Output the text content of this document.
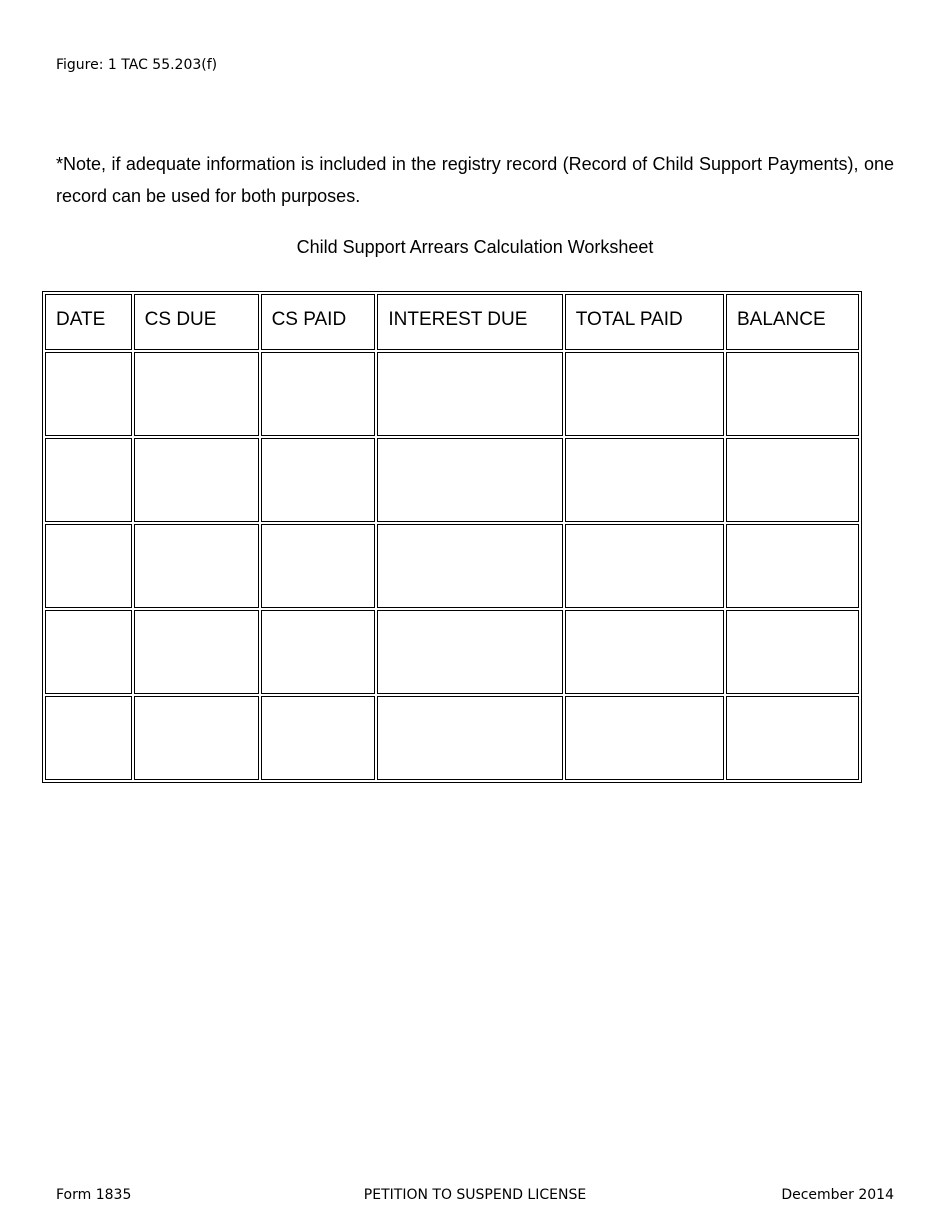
Figure: 1 TAC 55.203(f)
*Note, if adequate information is included in the registry record (Record of Child Support Payments), one record can be used for both purposes.
Child Support Arrears Calculation Worksheet
DATE	CS DUE	CS PAID	INTEREST DUE	TOTAL PAID	BALANCE

Form 1835	PETITION TO SUSPEND LICENSE	December 2014
